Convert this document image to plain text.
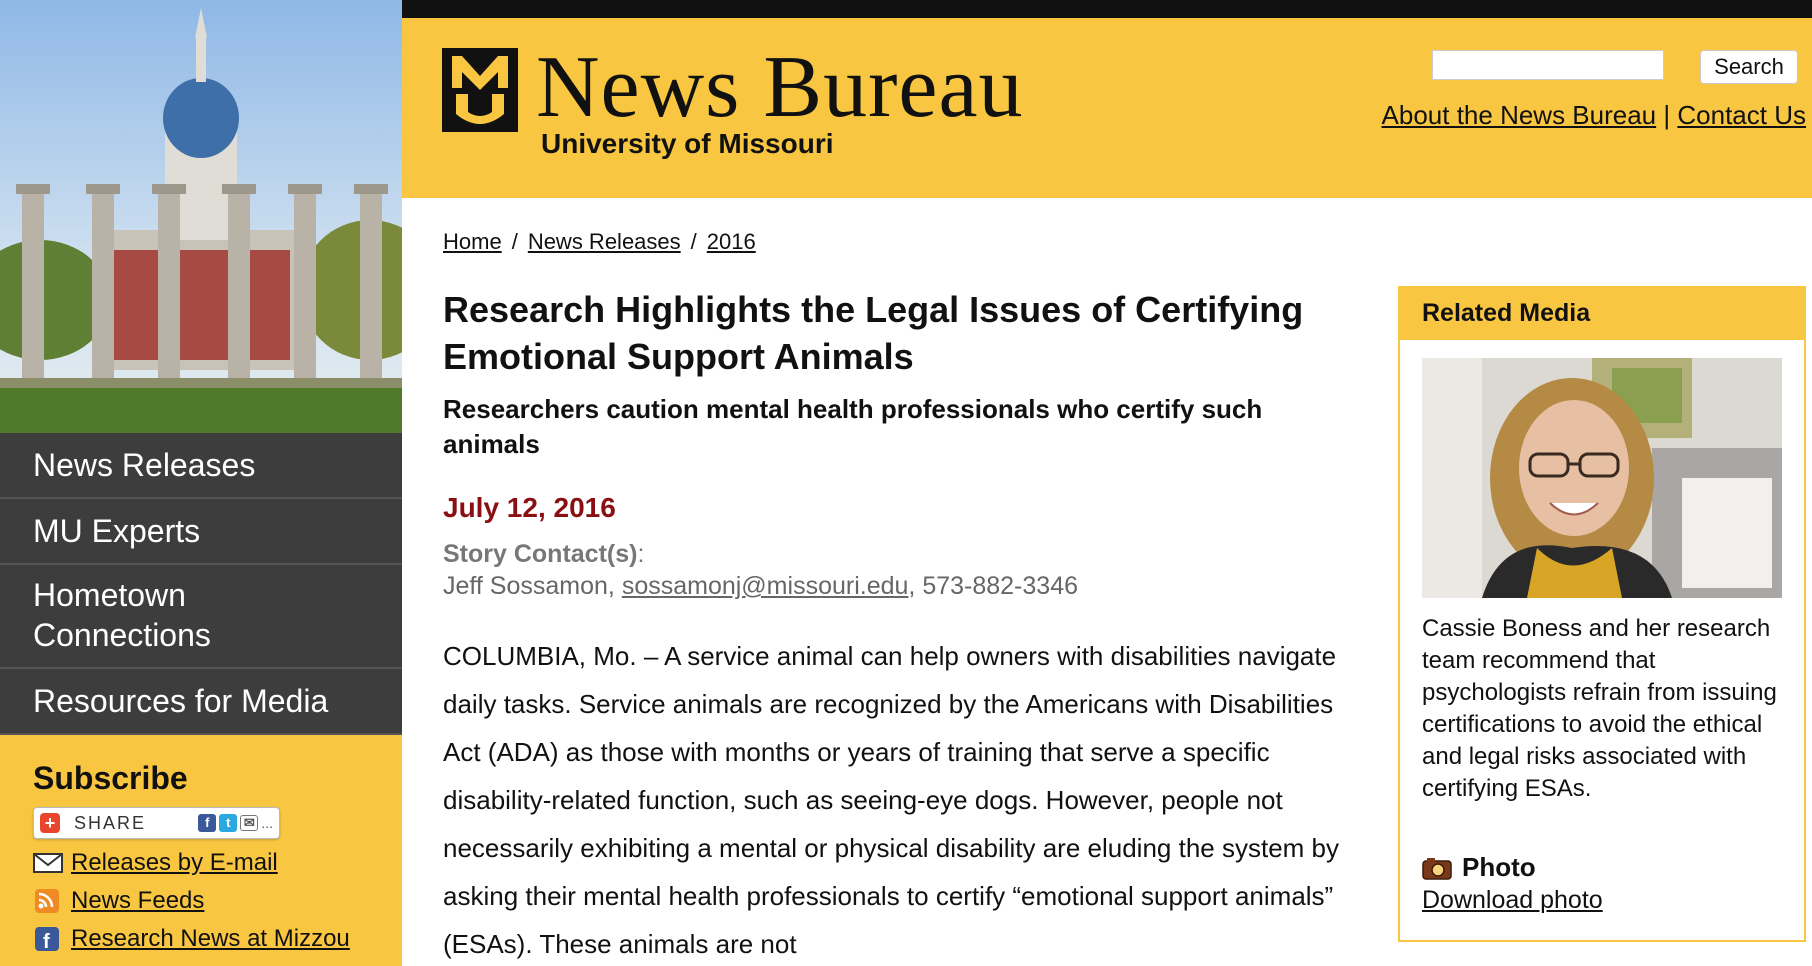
News Releases
MU Experts
Hometown
Connections
Resources for Media
Subscribe
+ SHARE	f	t	✉ ...
Releases by E-mail
News Feeds
f Research News at Mizzou
News Bureau
University of Missouri
Search
About the News Bureau | Contact Us
Home / News Releases / 2016
Research Highlights the Legal Issues of Certifying Emotional Support Animals
Researchers caution mental health professionals who certify such animals
July 12, 2016
Story Contact(s):
Jeff Sossamon, sossamonj@missouri.edu, 573-882-3346

COLUMBIA, Mo. – A service animal can help owners with disabilities navigate daily tasks. Service animals are recognized by the Americans with Disabilities Act (ADA) as those with months or years of training that serve a specific disability-related function, such as seeing-eye dogs. However, people not necessarily exhibiting a mental or physical disability are eluding the system by asking their mental health professionals to certify “emotional support animals” (ESAs). These animals are not

Related Media

Cassie Boness and her research team recommend that psychologists refrain from issuing certifications to avoid the ethical and legal risks associated with certifying ESAs.

Photo
Download photo
